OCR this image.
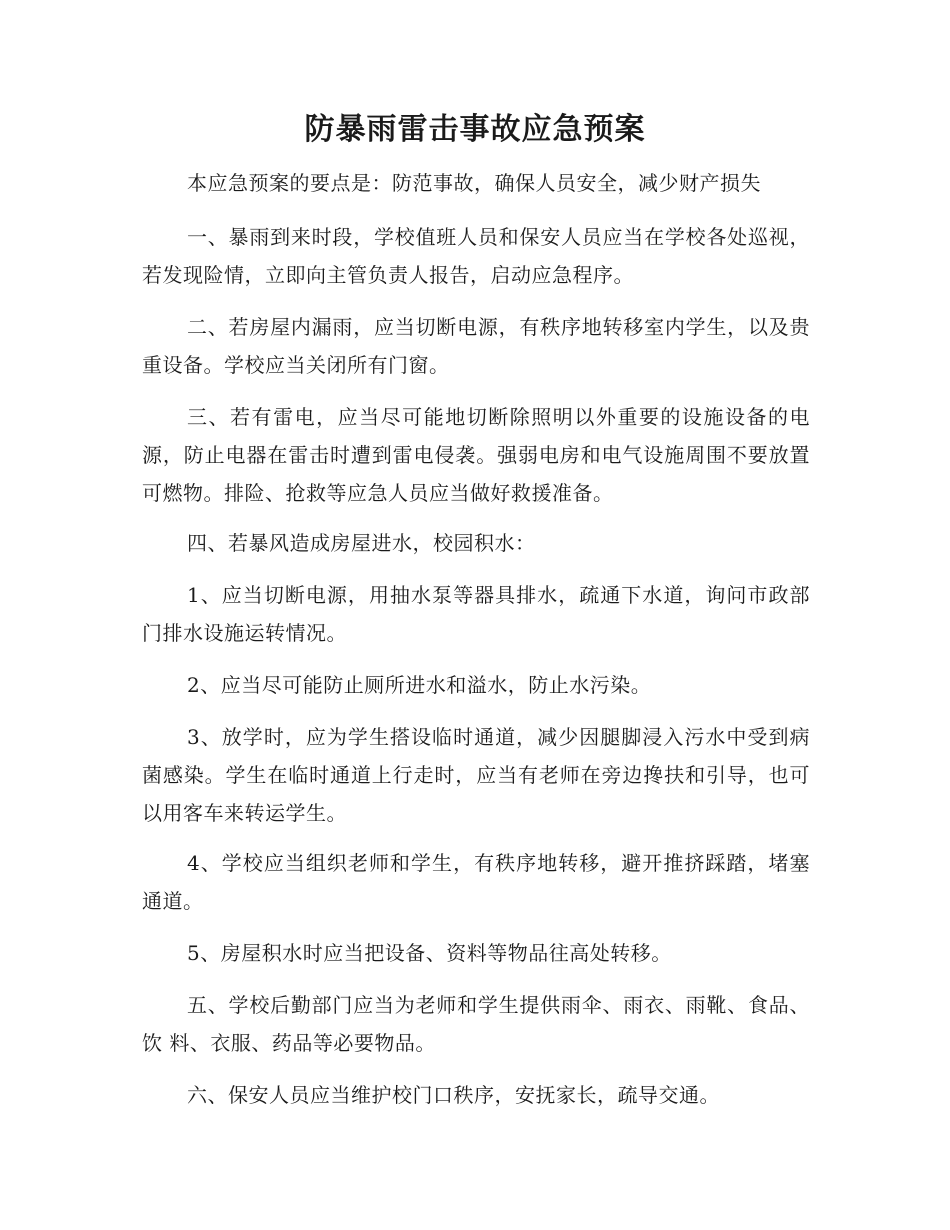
防暴雨雷击事故应急预案

本应急预案的要点是：防范事故，确保人员安全，减少财产损失

一、暴雨到来时段，学校值班人员和保安人员应当在学校各处巡视，若发现险情，立即向主管负责人报告，启动应急程序。

二、若房屋内漏雨，应当切断电源，有秩序地转移室内学生，以及贵重设备。学校应当关闭所有门窗。

三、若有雷电，应当尽可能地切断除照明以外重要的设施设备的电源，防止电器在雷击时遭到雷电侵袭。强弱电房和电气设施周围不要放置可燃物。排险、抢救等应急人员应当做好救援准备。

四、若暴风造成房屋进水，校园积水：

1、应当切断电源，用抽水泵等器具排水，疏通下水道，询问市政部门排水设施运转情况。

2、应当尽可能防止厕所进水和溢水，防止水污染。

3、放学时，应为学生搭设临时通道，减少因腿脚浸入污水中受到病菌感染。学生在临时通道上行走时，应当有老师在旁边搀扶和引导，也可以用客车来转运学生。

4、学校应当组织老师和学生，有秩序地转移，避开推挤踩踏，堵塞通道。

5、房屋积水时应当把设备、资料等物品往高处转移。

五、学校后勤部门应当为老师和学生提供雨伞、雨衣、雨靴、食品、饮 料、衣服、药品等必要物品。

六、保安人员应当维护校门口秩序，安抚家长，疏导交通。
